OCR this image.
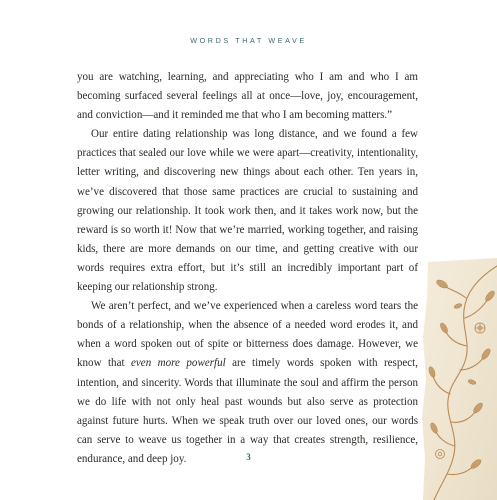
WORDS THAT WEAVE

you are watching, learning, and appreciating who I am and who I am becoming surfaced several feelings all at once—love, joy, encouragement, and conviction—and it reminded me that who I am becoming matters.”

Our entire dating relationship was long distance, and we found a few practices that sealed our love while we were apart—creativity, intentionality, letter writing, and discovering new things about each other. Ten years in, we’ve discovered that those same practices are crucial to sustaining and growing our relationship. It took work then, and it takes work now, but the reward is so worth it! Now that we’re married, working together, and raising kids, there are more demands on our time, and getting creative with our words requires extra effort, but it’s still an incredibly important part of keeping our relationship strong.

We aren’t perfect, and we’ve experienced when a careless word tears the bonds of a relationship, when the absence of a needed word erodes it, and when a word spoken out of spite or bitterness does damage. However, we know that even more powerful are timely words spoken with respect, intention, and sincerity. Words that illuminate the soul and affirm the person we do life with not only heal past wounds but also serve as protection against future hurts. When we speak truth over our loved ones, our words can serve to weave us together in a way that creates strength, resilience, endurance, and deep joy.	3
